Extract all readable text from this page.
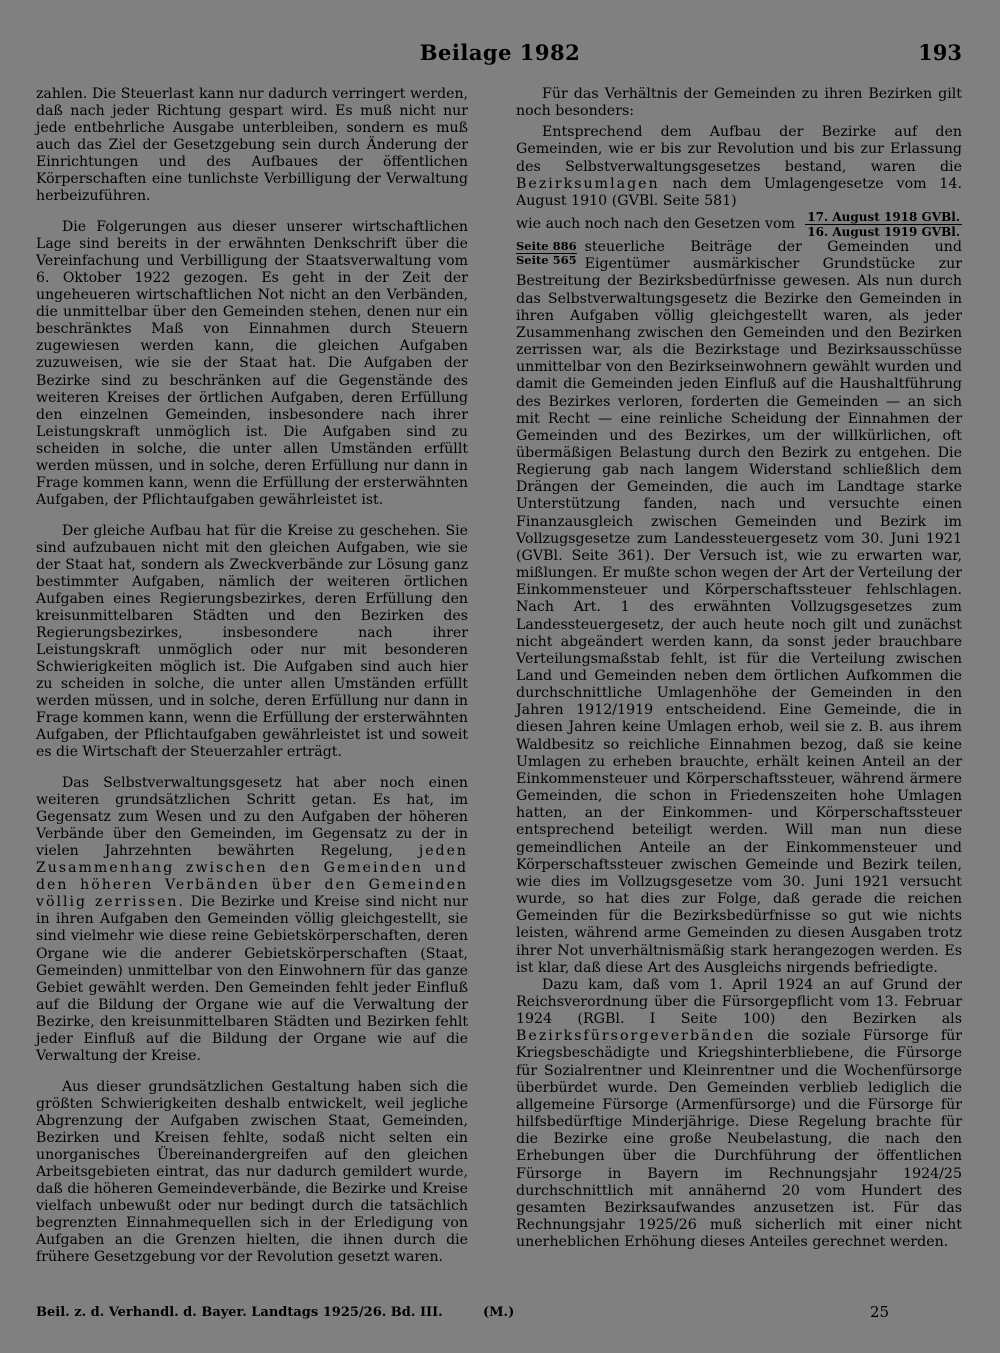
Beilage 1982	193

zahlen. Die Steuerlast kann nur dadurch verringert werden, daß nach jeder Richtung gespart wird. Es muß nicht nur jede entbehrliche Ausgabe unterbleiben, sondern es muß auch das Ziel der Gesetzgebung sein durch Änderung der Einrichtungen und des Aufbaues der öffentlichen Körperschaften eine tunlichste Verbilligung der Verwaltung herbeizuführen.

Die Folgerungen aus dieser unserer wirtschaftlichen Lage sind bereits in der erwähnten Denkschrift über die Vereinfachung und Verbilligung der Staatsverwaltung vom 6. Oktober 1922 gezogen. Es geht in der Zeit der ungeheueren wirtschaftlichen Not nicht an den Verbänden, die unmittelbar über den Gemeinden stehen, denen nur ein beschränktes Maß von Einnahmen durch Steuern zugewiesen werden kann, die gleichen Aufgaben zuzuweisen, wie sie der Staat hat. Die Aufgaben der Bezirke sind zu beschränken auf die Gegenstände des weiteren Kreises der örtlichen Aufgaben, deren Erfüllung den einzelnen Gemeinden, insbesondere nach ihrer Leistungskraft unmöglich ist. Die Aufgaben sind zu scheiden in solche, die unter allen Umständen erfüllt werden müssen, und in solche, deren Erfüllung nur dann in Frage kommen kann, wenn die Erfüllung der ersterwähnten Aufgaben, der Pflichtaufgaben gewährleistet ist.

Der gleiche Aufbau hat für die Kreise zu geschehen. Sie sind aufzubauen nicht mit den gleichen Aufgaben, wie sie der Staat hat, sondern als Zweckverbände zur Lösung ganz bestimmter Aufgaben, nämlich der weiteren örtlichen Aufgaben eines Regierungsbezirkes, deren Erfüllung den kreisunmittelbaren Städten und den Bezirken des Regierungsbezirkes, insbesondere nach ihrer Leistungskraft unmöglich oder nur mit besonderen Schwierigkeiten möglich ist. Die Aufgaben sind auch hier zu scheiden in solche, die unter allen Umständen erfüllt werden müssen, und in solche, deren Erfüllung nur dann in Frage kommen kann, wenn die Erfüllung der ersterwähnten Aufgaben, der Pflichtaufgaben gewährleistet ist und soweit es die Wirtschaft der Steuerzahler erträgt.

Das Selbstverwaltungsgesetz hat aber noch einen weiteren grundsätzlichen Schritt getan. Es hat, im Gegensatz zum Wesen und zu den Aufgaben der höheren Verbände über den Gemeinden, im Gegensatz zu der in vielen Jahrzehnten bewährten Regelung, jeden Zusammenhang zwischen den Gemeinden und den höheren Verbänden über den Gemeinden völlig zerrissen. Die Bezirke und Kreise sind nicht nur in ihren Aufgaben den Gemeinden völlig gleichgestellt, sie sind vielmehr wie diese reine Gebietskörperschaften, deren Organe wie die anderer Gebietskörperschaften (Staat, Gemeinden) unmittelbar von den Einwohnern für das ganze Gebiet gewählt werden. Den Gemeinden fehlt jeder Einfluß auf die Bildung der Organe wie auf die Verwaltung der Bezirke, den kreisunmittelbaren Städten und Bezirken fehlt jeder Einfluß auf die Bildung der Organe wie auf die Verwaltung der Kreise.

Aus dieser grundsätzlichen Gestaltung haben sich die größten Schwierigkeiten deshalb entwickelt, weil jegliche Abgrenzung der Aufgaben zwischen Staat, Gemeinden, Bezirken und Kreisen fehlte, sodaß nicht selten ein unorganisches Übereinandergreifen auf den gleichen Arbeitsgebieten eintrat, das nur dadurch gemildert wurde, daß die höheren Gemeindeverbände, die Bezirke und Kreise vielfach unbewußt oder nur bedingt durch die tatsächlich begrenzten Einnahmequellen sich in der Erledigung von Aufgaben an die Grenzen hielten, die ihnen durch die frühere Gesetzgebung vor der Revolution gesetzt waren.

Für das Verhältnis der Gemeinden zu ihren Bezirken gilt noch besonders:

Entsprechend dem Aufbau der Bezirke auf den Gemeinden, wie er bis zur Revolution und bis zur Erlassung des Selbstverwaltungsgesetzes bestand, waren die Bezirksumlagen nach dem Umlagengesetze vom 14. August 1910 (GVBl. Seite 581)

wie auch noch nach den Gesetzen vom $\frac{\text{17. August 1918 GVBl.}}{\text{16. August 1919 GVBl.}}$

Seite 886
Seite 565
steuerliche Beiträge der Gemeinden und Eigentümer ausmärkischer Grundstücke zur Bestreitung der Bezirksbedürfnisse gewesen. Als nun durch das Selbstverwaltungsgesetz die Bezirke den Gemeinden in ihren Aufgaben völlig gleichgestellt waren, als jeder Zusammenhang zwischen den Gemeinden und den Bezirken zerrissen war, als die Bezirkstage und Bezirksausschüsse unmittelbar von den Bezirkseinwohnern gewählt wurden und damit die Gemeinden jeden Einfluß auf die Haushaltführung des Bezirkes verloren, forderten die Gemeinden — an sich mit Recht — eine reinliche Scheidung der Einnahmen der Gemeinden und des Bezirkes, um der willkürlichen, oft übermäßigen Belastung durch den Bezirk zu entgehen. Die Regierung gab nach langem Widerstand schließlich dem Drängen der Gemeinden, die auch im Landtage starke Unterstützung fanden, nach und versuchte einen Finanzausgleich zwischen Gemeinden und Bezirk im Vollzugsgesetze zum Landessteuergesetz vom 30. Juni 1921 (GVBl. Seite 361). Der Versuch ist, wie zu erwarten war, mißlungen. Er mußte schon wegen der Art der Verteilung der Einkommensteuer und Körperschaftssteuer fehlschlagen. Nach Art. 1 des erwähnten Vollzugsgesetzes zum Landessteuergesetz, der auch heute noch gilt und zunächst nicht abgeändert werden kann, da sonst jeder brauchbare Verteilungsmaßstab fehlt, ist für die Verteilung zwischen Land und Gemeinden neben dem örtlichen Aufkommen die durchschnittliche Umlagenhöhe der Gemeinden in den Jahren 1912/1919 entscheidend. Eine Gemeinde, die in diesen Jahren keine Umlagen erhob, weil sie z. B. aus ihrem Waldbesitz so reichliche Einnahmen bezog, daß sie keine Umlagen zu erheben brauchte, erhält keinen Anteil an der Einkommensteuer und Körperschaftssteuer, während ärmere Gemeinden, die schon in Friedenszeiten hohe Umlagen hatten, an der Einkommen- und Körperschaftssteuer entsprechend beteiligt werden. Will man nun diese gemeindlichen Anteile an der Einkommensteuer und Körperschaftssteuer zwischen Gemeinde und Bezirk teilen, wie dies im Vollzugsgesetze vom 30. Juni 1921 versucht wurde, so hat dies zur Folge, daß gerade die reichen Gemeinden für die Bezirksbedürfnisse so gut wie nichts leisten, während arme Gemeinden zu diesen Ausgaben trotz ihrer Not unverhältnismäßig stark herangezogen werden. Es ist klar, daß diese Art des Ausgleichs nirgends befriedigte.

Dazu kam, daß vom 1. April 1924 an auf Grund der Reichsverordnung über die Fürsorgepflicht vom 13. Februar 1924 (RGBl. I Seite 100) den Bezirken als Bezirksfürsorgeverbänden die soziale Fürsorge für Kriegsbeschädigte und Kriegshinterbliebene, die Fürsorge für Sozialrentner und Kleinrentner und die Wochenfürsorge überbürdet wurde. Den Gemeinden verblieb lediglich die allgemeine Fürsorge (Armenfürsorge) und die Fürsorge für hilfsbedürftige Minderjährige. Diese Regelung brachte für die Bezirke eine große Neubelastung, die nach den Erhebungen über die Durchführung der öffentlichen Fürsorge in Bayern im Rechnungsjahr 1924/25 durchschnittlich mit annähernd 20 vom Hundert des gesamten Bezirksaufwandes anzusetzen ist. Für das Rechnungsjahr 1925/26 muß sicherlich mit einer nicht unerheblichen Erhöhung dieses Anteiles gerechnet werden.

Beil. z. d. Verhandl. d. Bayer. Landtags 1925/26. Bd. III.	(M.)	25
